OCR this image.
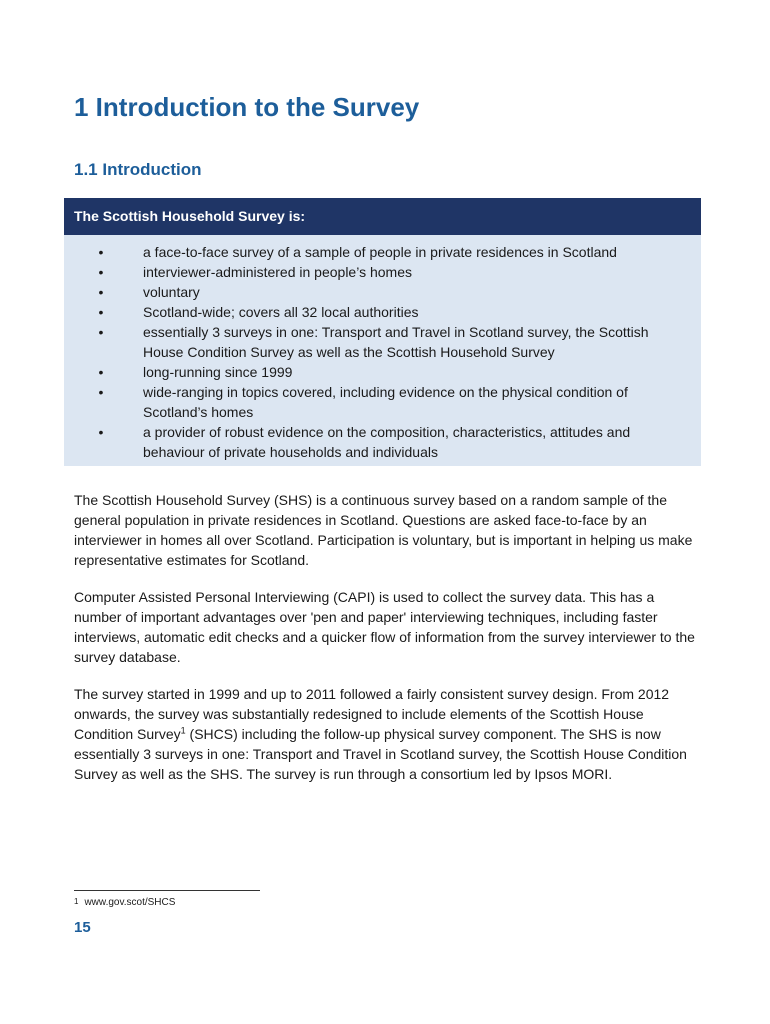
1 Introduction to the Survey
1.1 Introduction
The Scottish Household Survey is:
•	a face-to-face survey of a sample of people in private residences in Scotland
•	interviewer-administered in people’s homes
•	voluntary
•	Scotland-wide; covers all 32 local authorities
•	essentially 3 surveys in one: Transport and Travel in Scotland survey, the Scottish House Condition Survey as well as the Scottish Household Survey
•	long-running since 1999
•	wide-ranging in topics covered, including evidence on the physical condition of Scotland’s homes
•	a provider of robust evidence on the composition, characteristics, attitudes and behaviour of private households and individuals

The Scottish Household Survey (SHS) is a continuous survey based on a random sample of the general population in private residences in Scotland. Questions are asked face-to-face by an interviewer in homes all over Scotland. Participation is voluntary, but is important in helping us make representative estimates for Scotland.

Computer Assisted Personal Interviewing (CAPI) is used to collect the survey data. This has a number of important advantages over 'pen and paper' interviewing techniques, including faster interviews, automatic edit checks and a quicker flow of information from the survey interviewer to the survey database.

The survey started in 1999 and up to 2011 followed a fairly consistent survey design. From 2012 onwards, the survey was substantially redesigned to include elements of the Scottish House Condition Survey$^1$ (SHCS) including the follow-up physical survey component. The SHS is now essentially 3 surveys in one: Transport and Travel in Scotland survey, the Scottish House Condition Survey as well as the SHS. The survey is run through a consortium led by Ipsos MORI.

$^1$ www.gov.scot/SHCS
15
